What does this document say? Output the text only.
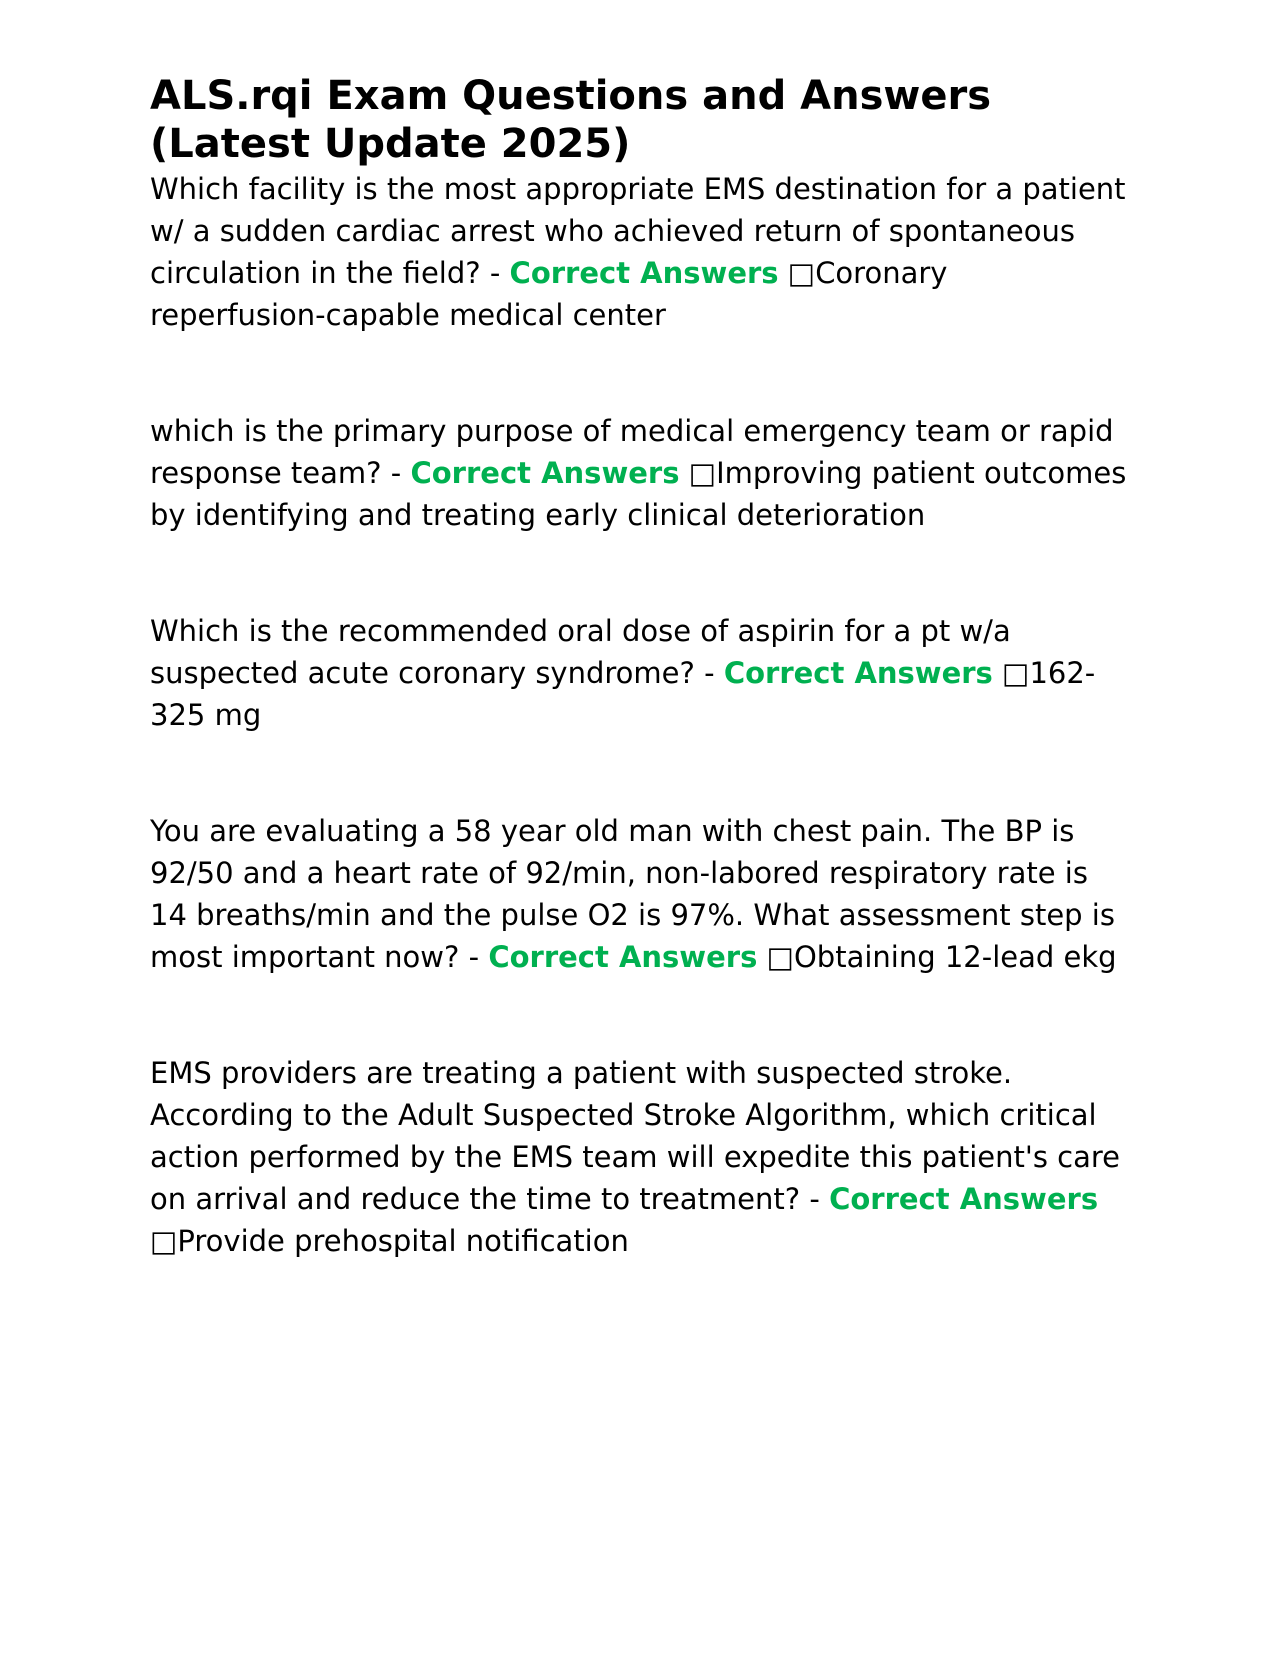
ALS.rqi Exam Questions and Answers (Latest Update 2025)

Which facility is the most appropriate EMS destination for a patient w/ a sudden cardiac arrest who achieved return of spontaneous circulation in the field? - Correct Answers □Coronary reperfusion-capable medical center

which is the primary purpose of medical emergency team or rapid response team? - Correct Answers □Improving patient outcomes by identifying and treating early clinical deterioration

Which is the recommended oral dose of aspirin for a pt w/a suspected acute coronary syndrome? - Correct Answers □162-325 mg

You are evaluating a 58 year old man with chest pain. The BP is 92/50 and a heart rate of 92/min, non-labored respiratory rate is 14 breaths/min and the pulse O2 is 97%. What assessment step is most important now? - Correct Answers □Obtaining 12-lead ekg

EMS providers are treating a patient with suspected stroke. According to the Adult Suspected Stroke Algorithm, which critical action performed by the EMS team will expedite this patient's care on arrival and reduce the time to treatment? - Correct Answers □Provide prehospital notification
